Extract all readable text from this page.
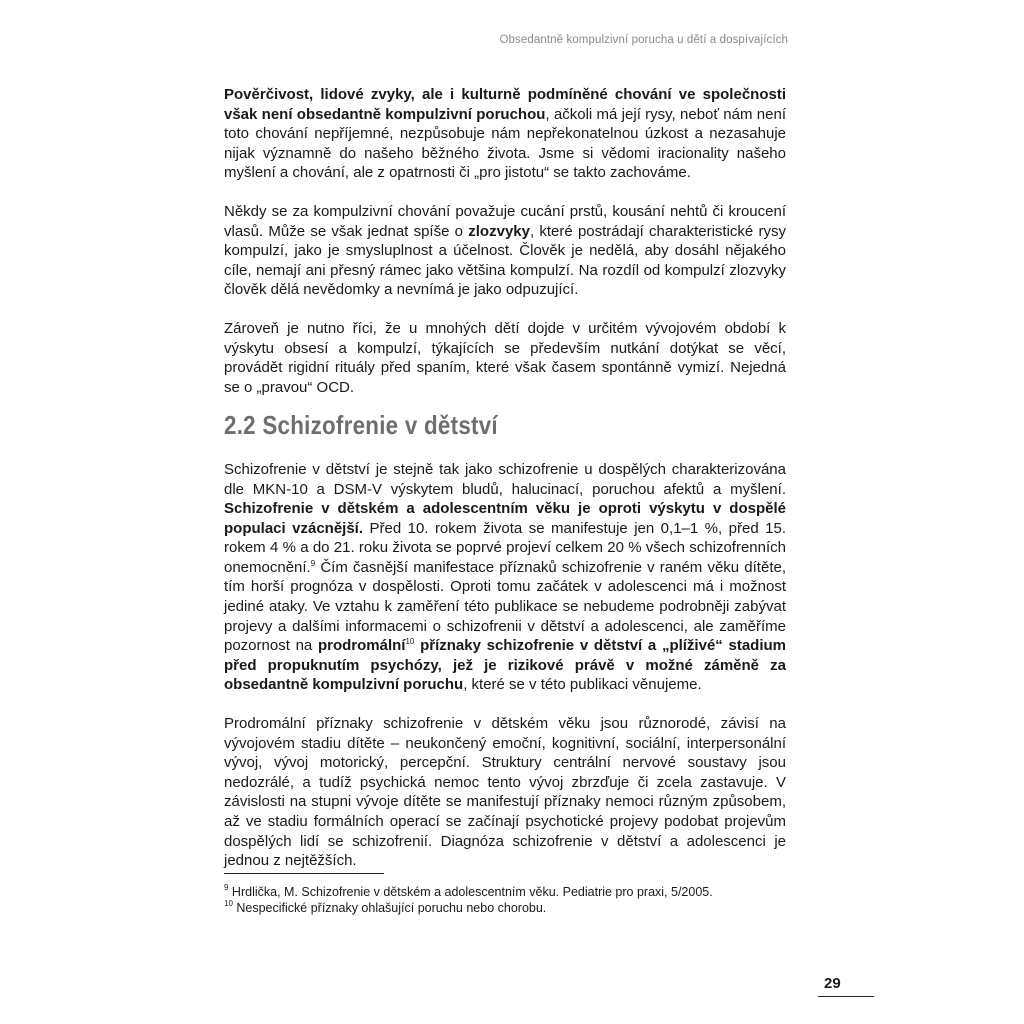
Obsedantně kompulzivní porucha u dětí a dospívajících

Pověrčivost, lidové zvyky, ale i kulturně podmíněné chování ve společnosti však není obsedantně kompulzivní poruchou, ačkoli má její rysy, neboť nám není toto chování nepříjemné, nezpůsobuje nám nepřekonatelnou úzkost a nezasahuje nijak významně do našeho běžného života. Jsme si vědomi iracionality našeho myšlení a chování, ale z opatrnosti či „pro jistotu“ se takto zachováme.

Někdy se za kompulzivní chování považuje cucání prstů, kousání nehtů či kroucení vlasů. Může se však jednat spíše o zlozvyky, které postrádají charakteristické rysy kompulzí, jako je smysluplnost a účelnost. Člověk je nedělá, aby dosáhl nějakého cíle, nemají ani přesný rámec jako většina kompulzí. Na rozdíl od kompulzí zlozvyky člověk dělá nevědomky a nevnímá je jako odpuzující.

Zároveň je nutno říci, že u mnohých dětí dojde v určitém vývojovém období k výskytu obsesí a kompulzí, týkajících se především nutkání dotýkat se věcí, provádět rigidní rituály před spaním, které však časem spontánně vymizí. Nejedná se o „pravou“ OCD.

2.2 Schizofrenie v dětství

Schizofrenie v dětství je stejně tak jako schizofrenie u dospělých charakterizována dle MKN-10 a DSM-V výskytem bludů, halucinací, poruchou afektů a myšlení. Schizofrenie v dětském a adolescentním věku je oproti výskytu v dospělé populaci vzácnější. Před 10. rokem života se manifestuje jen 0,1–1 %, před 15. rokem 4 % a do 21. roku života se poprvé projeví celkem 20 % všech schizofrenních onemocnění.$^9$ Čím časnější manifestace příznaků schizofrenie v raném věku dítěte, tím horší prognóza v dospělosti. Oproti tomu začátek v adolescenci má i možnost jediné ataky. Ve vztahu k zaměření této publikace se nebudeme podrobněji zabývat projevy a dalšími informacemi o schizofrenii v dětství a adolescenci, ale zaměříme pozornost na prodromální$^{10}$ příznaky schizofrenie v dětství a „plíživé“ stadium před propuknutím psychózy, jež je rizikové právě v možné záměně za obsedantně kompulzivní poruchu, které se v této publikaci věnujeme.

Prodromální příznaky schizofrenie v dětském věku jsou různorodé, závisí na vývojovém stadiu dítěte – neukončený emoční, kognitivní, sociální, interpersonální vývoj, vývoj motorický, percepční. Struktury centrální nervové soustavy jsou nedozrálé, a tudíž psychická nemoc tento vývoj zbrzďuje či zcela zastavuje. V závislosti na stupni vývoje dítěte se manifestují příznaky nemoci různým způsobem, až ve stadiu formálních operací se začínají psychotické projevy podobat projevům dospělých lidí se schizofrenií. Diagnóza schizofrenie v dětství a adolescenci je jednou z nejtěžších.

$^9$ Hrdlička, M. Schizofrenie v dětském a adolescentním věku. Pediatrie pro praxi, 5/2005.
$^{10}$ Nespecifické příznaky ohlašující poruchu nebo chorobu.
29
